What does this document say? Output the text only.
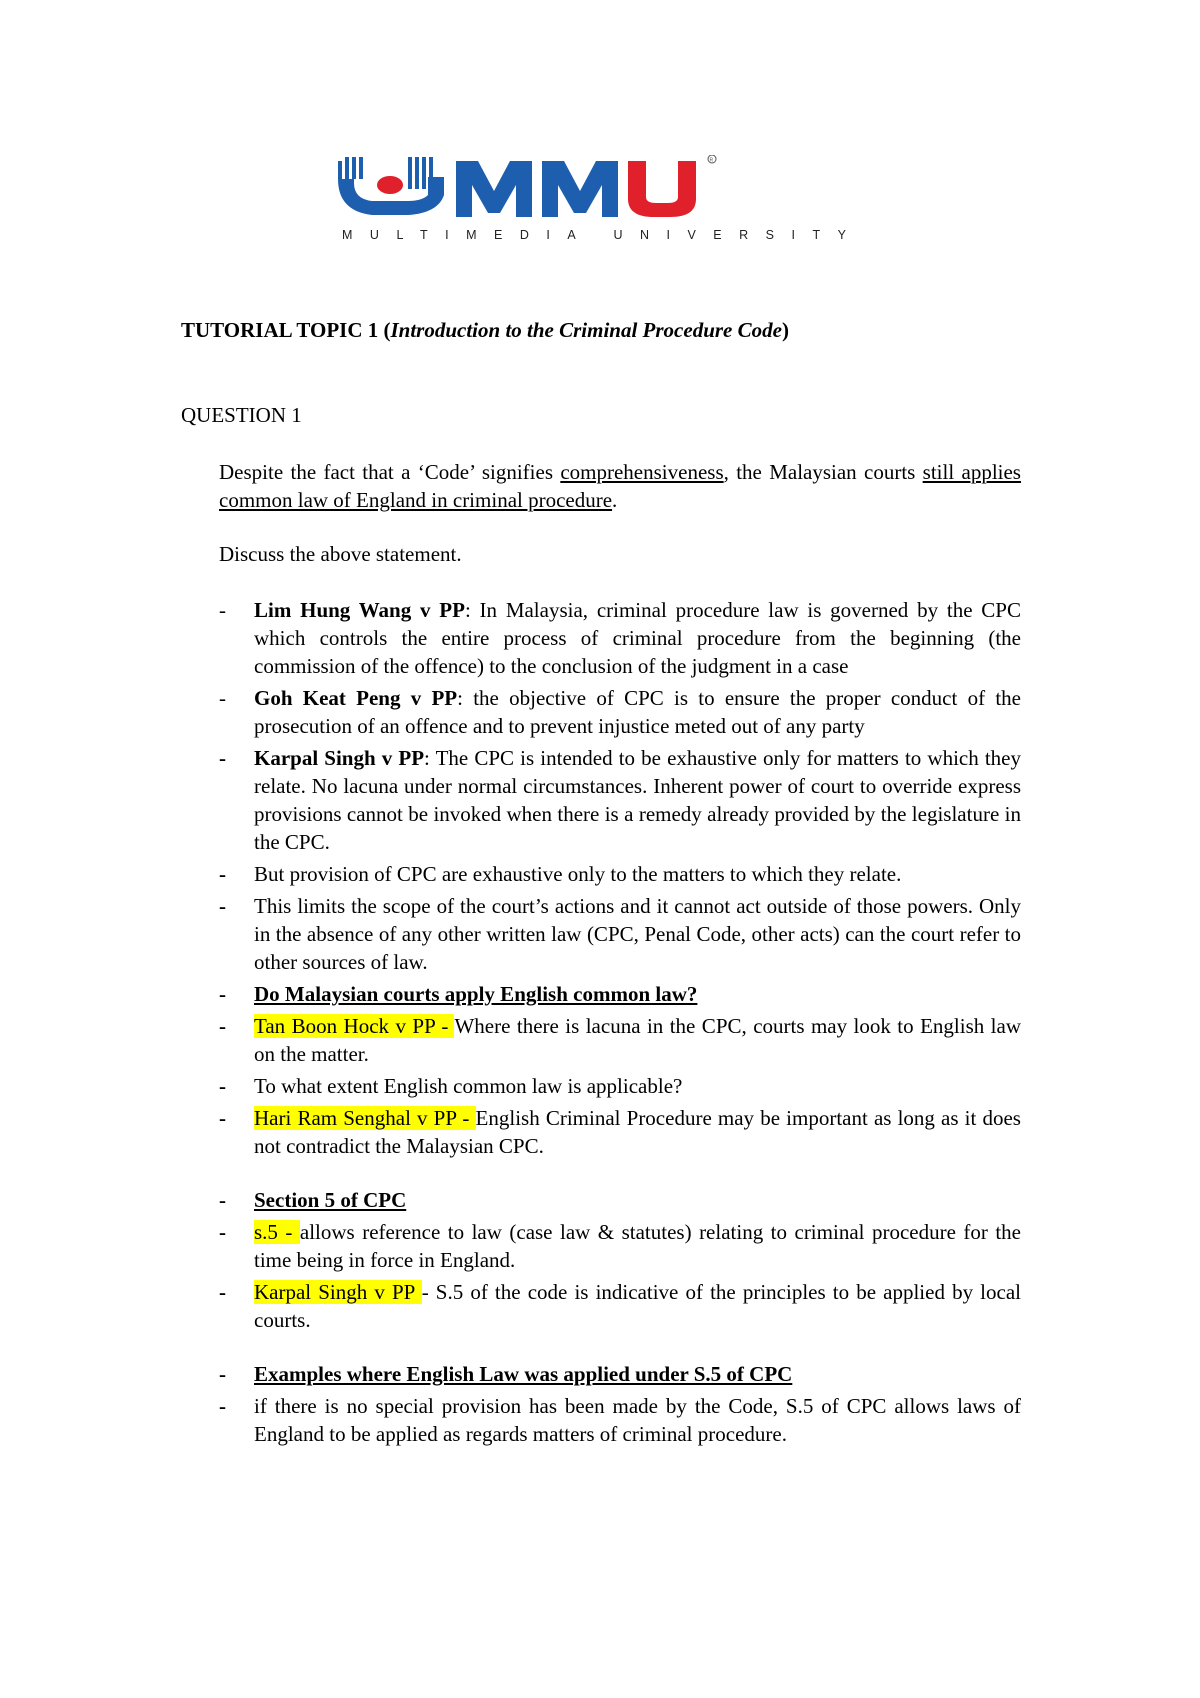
R
MULTIMEDIA UNIVERSITY
TUTORIAL TOPIC 1 (Introduction to the Criminal Procedure Code)
QUESTION 1
Despite the fact that a ‘Code’ signifies comprehensiveness, the Malaysian courts still applies common law of England in criminal procedure.
Discuss the above statement.
-	Lim Hung Wang v PP: In Malaysia, criminal procedure law is governed by the CPC which controls the entire process of criminal procedure from the beginning (the commission of the offence) to the conclusion of the judgment in a case
-	Goh Keat Peng v PP: the objective of CPC is to ensure the proper conduct of the prosecution of an offence and to prevent injustice meted out of any party
-	Karpal Singh v PP: The CPC is intended to be exhaustive only for matters to which they relate. No lacuna under normal circumstances. Inherent power of court to override express provisions cannot be invoked when there is a remedy already provided by the legislature in the CPC.
-	But provision of CPC are exhaustive only to the matters to which they relate.
-	This limits the scope of the court’s actions and it cannot act outside of those powers. Only in the absence of any other written law (CPC, Penal Code, other acts) can the court refer to other sources of law.
-	Do Malaysian courts apply English common law?
-	Tan Boon Hock v PP - Where there is lacuna in the CPC, courts may look to English law on the matter.
-	To what extent English common law is applicable?
-	Hari Ram Senghal v PP - English Criminal Procedure may be important as long as it does not contradict the Malaysian CPC.
-	Section 5 of CPC
-	s.5 - allows reference to law (case law & statutes) relating to criminal procedure for the time being in force in England.
-	Karpal Singh v PP - S.5 of the code is indicative of the principles to be applied by local courts.
-	Examples where English Law was applied under S.5 of CPC
-	if there is no special provision has been made by the Code, S.5 of CPC allows laws of England to be applied as regards matters of criminal procedure.
